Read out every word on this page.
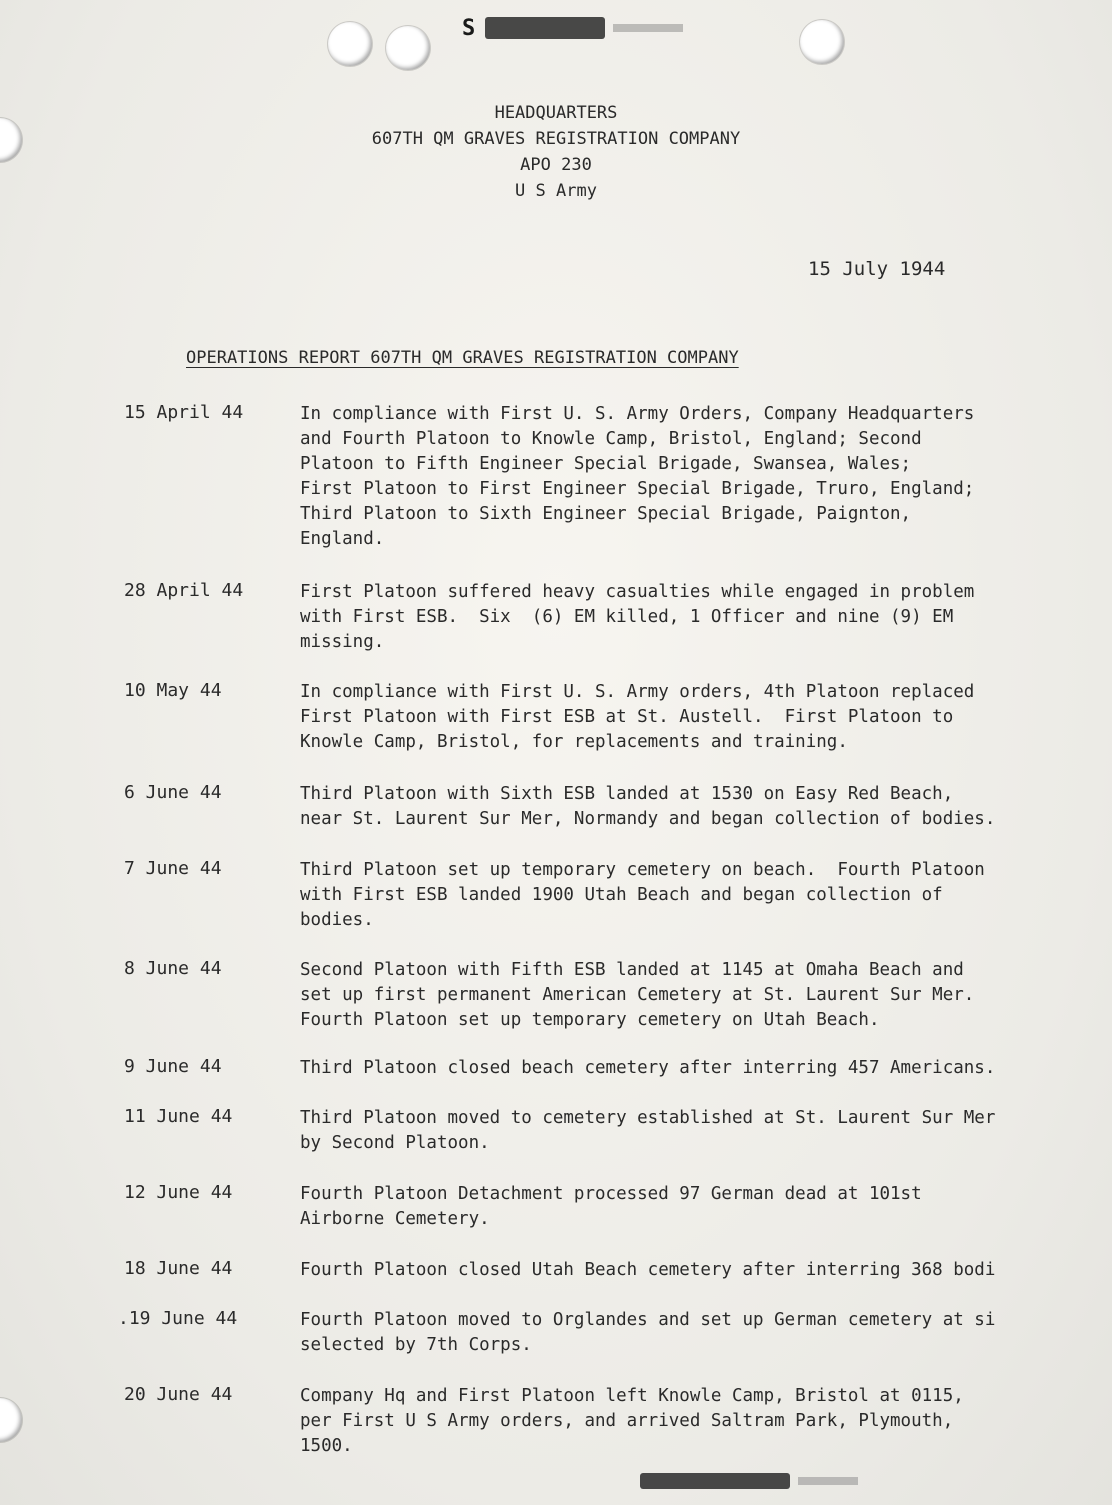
S
HEADQUARTERS
607TH QM GRAVES REGISTRATION COMPANY
APO 230
U S Army
15 July 1944
OPERATIONS REPORT 607TH QM GRAVES REGISTRATION COMPANY
15 April 44	In compliance with First U. S. Army Orders, Company Headquarters
and Fourth Platoon to Knowle Camp, Bristol, England; Second
Platoon to Fifth Engineer Special Brigade, Swansea, Wales;
First Platoon to First Engineer Special Brigade, Truro, England;
Third Platoon to Sixth Engineer Special Brigade, Paignton,
England.
28 April 44	First Platoon suffered heavy casualties while engaged in problem
with First ESB.  Six  (6) EM killed, 1 Officer and nine (9) EM
missing.
10 May 44	In compliance with First U. S. Army orders, 4th Platoon replaced
First Platoon with First ESB at St. Austell.  First Platoon to
Knowle Camp, Bristol, for replacements and training.
6 June 44	Third Platoon with Sixth ESB landed at 1530 on Easy Red Beach,
near St. Laurent Sur Mer, Normandy and began collection of bodies.
7 June 44	Third Platoon set up temporary cemetery on beach.  Fourth Platoon
with First ESB landed 1900 Utah Beach and began collection of
bodies.
8 June 44	Second Platoon with Fifth ESB landed at 1145 at Omaha Beach and
set up first permanent American Cemetery at St. Laurent Sur Mer.
Fourth Platoon set up temporary cemetery on Utah Beach.
9 June 44	Third Platoon closed beach cemetery after interring 457 Americans.
11 June 44	Third Platoon moved to cemetery established at St. Laurent Sur Mer
by Second Platoon.
12 June 44	Fourth Platoon Detachment processed 97 German dead at 101st
Airborne Cemetery.
18 June 44	Fourth Platoon closed Utah Beach cemetery after interring 368 bodi
.19 June 44	Fourth Platoon moved to Orglandes and set up German cemetery at si
selected by 7th Corps.
20 June 44	Company Hq and First Platoon left Knowle Camp, Bristol at 0115,
per First U S Army orders, and arrived Saltram Park, Plymouth,
1500.
